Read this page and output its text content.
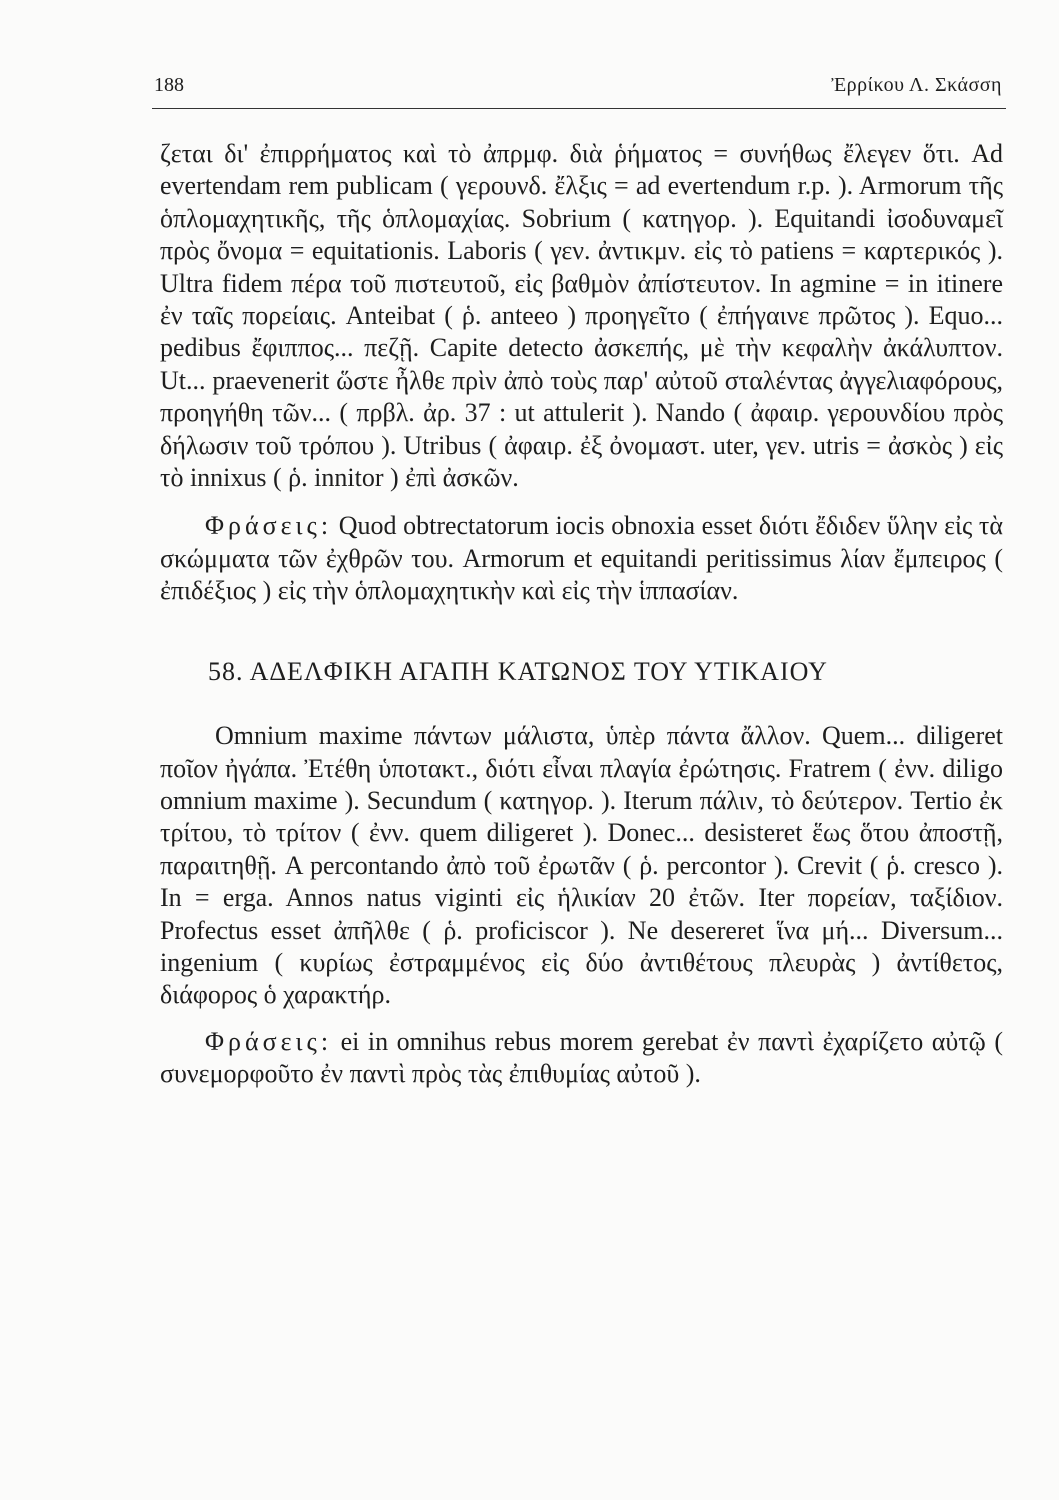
188	Ἐρρίκου Λ. Σκάσση

ζεται δι' ἐπιρρήματος καὶ τὸ ἀπρμφ. διὰ ῥήματος = συνήθως ἔλεγεν ὅτι. Ad evertendam rem publicam ( γερουνδ. ἔλξις = ad evertendum r.p. ). Armorum τῆς ὁπλομαχητικῆς, τῆς ὁπλομαχίας. Sobrium ( κατηγορ. ). Equitandi ἰσοδυναμεῖ πρὸς ὄνομα = equitationis. Laboris ( γεν. ἀντικμν. εἰς τὸ patiens = καρτερικός ). Ultra fidem πέρα τοῦ πιστευτοῦ, εἰς βαθμὸν ἀπίστευτον. In agmine = in itinere ἐν ταῖς πορείαις. Anteibat ( ῥ. anteeo ) προηγεῖτο ( ἐπήγαινε πρῶτος ). Equo... pedibus ἔφιππος... πεζῇ. Capite detecto ἀσκεπής, μὲ τὴν κεφαλὴν ἀκάλυπτον. Ut... praevenerit ὥστε ἦλθε πρὶν ἀπὸ τοὺς παρ' αὐτοῦ σταλέντας ἀγγελιαφόρους, προηγήθη τῶν... ( πρβλ. ἀρ. 37 : ut attulerit ). Nando ( ἀφαιρ. γερουνδίου πρὸς δήλωσιν τοῦ τρόπου ). Utribus ( ἀφαιρ. ἐξ ὀνομαστ. uter, γεν. utris = ἀσκὸς ) εἰς τὸ innixus ( ῥ. innitor ) ἐπὶ ἀσκῶν.

Φράσεις: Quod obtrectatorum iocis obnoxia esset διότι ἔδιδεν ὕλην εἰς τὰ σκώμματα τῶν ἐχθρῶν του. Armorum et equitandi peritissimus λίαν ἔμπειρος ( ἐπιδέξιος ) εἰς τὴν ὁπλομαχητικὴν καὶ εἰς τὴν ἱππασίαν.

58. ΑΔΕΛΦΙΚΗ ΑΓΑΠΗ ΚΑΤΩΝΟΣ ΤΟΥ ΥΤΙΚΑΙΟΥ

Omnium maxime πάντων μάλιστα, ὑπὲρ πάντα ἄλλον. Quem... diligeret ποῖον ἠγάπα. Ἐτέθη ὑποτακτ., διότι εἶναι πλαγία ἐρώτησις. Fratrem ( ἐνν. diligo omnium maxime ). Secundum ( κατηγορ. ). Iterum πάλιν, τὸ δεύτερον. Tertio ἐκ τρίτου, τὸ τρίτον ( ἐνν. quem diligeret ). Donec... desisteret ἕως ὅτου ἀποστῇ, παραιτηθῇ. A percontando ἀπὸ τοῦ ἐρωτᾶν ( ῥ. percontor ). Crevit ( ῥ. cresco ). In = erga. Annos natus viginti εἰς ἡλικίαν 20 ἐτῶν. Iter πορείαν, ταξίδιον. Profectus esset ἀπῆλθε ( ῥ. proficiscor ). Ne desereret ἵνα μή... Diversum... ingenium ( κυρίως ἐστραμμένος εἰς δύο ἀντιθέτους πλευρὰς ) ἀντίθετος, διάφορος ὁ χαρακτήρ.

Φράσεις: ei in omnihus rebus morem gerebat ἐν παντὶ ἐχαρίζετο αὐτῷ ( συνεμορφοῦτο ἐν παντὶ πρὸς τὰς ἐπιθυμίας αὐτοῦ ).
